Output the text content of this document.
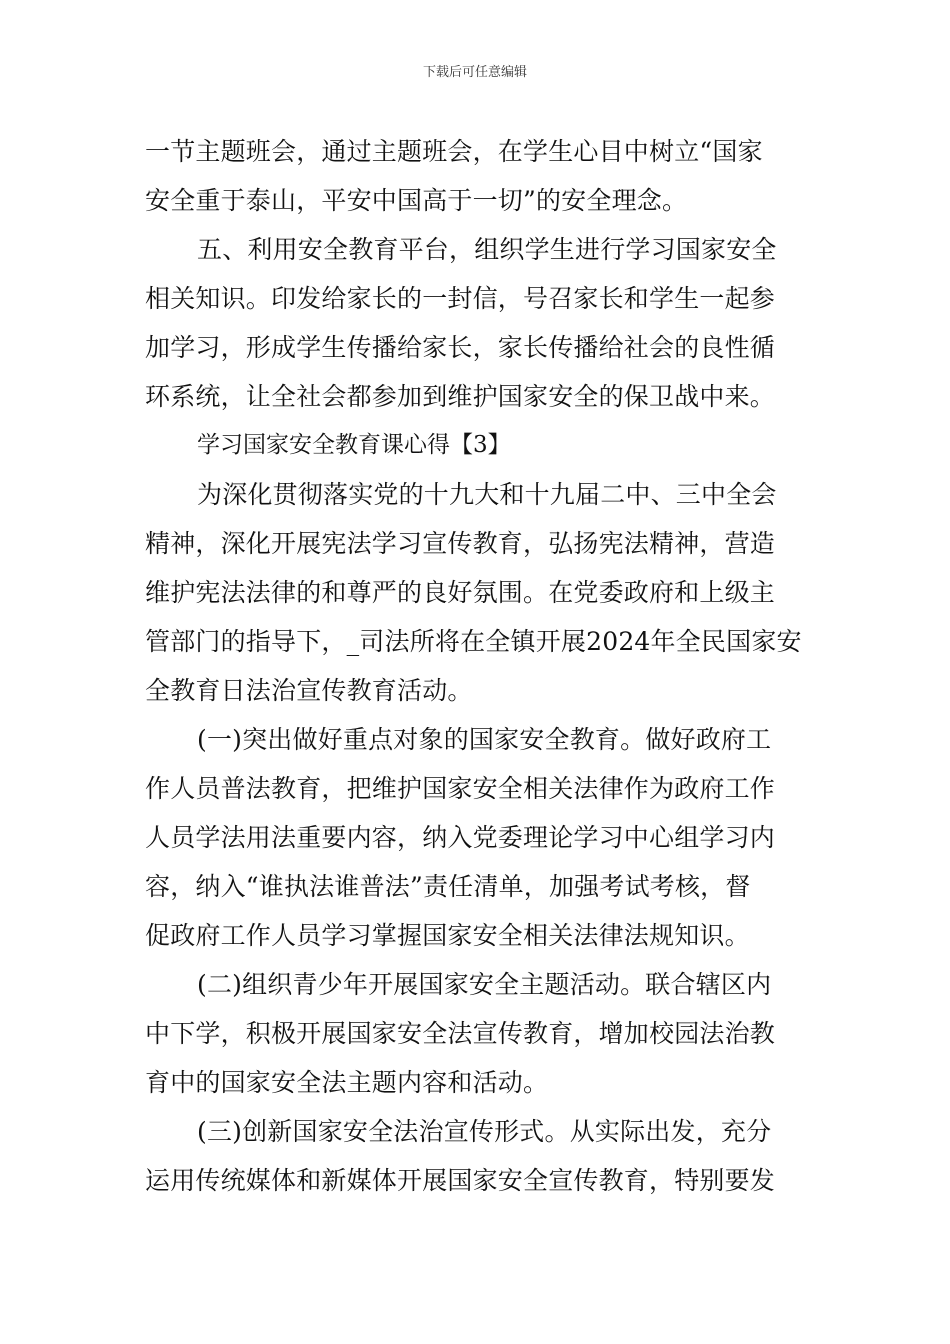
下载后可任意编辑
一节主题班会，通过主题班会，在学生心目中树立“国家
安全重于泰山，平安中国高于一切”的安全理念。
五、利用安全教育平台，组织学生进行学习国家安全
相关知识。印发给家长的一封信，号召家长和学生一起参
加学习，形成学生传播给家长，家长传播给社会的良性循
环系统，让全社会都参加到维护国家安全的保卫战中来。
学习国家安全教育课心得【3】
为深化贯彻落实党的十九大和十九届二中、三中全会
精神，深化开展宪法学习宣传教育，弘扬宪法精神，营造
维护宪法法律的和尊严的良好氛围。在党委政府和上级主
管部门的指导下，_司法所将在全镇开展2024年全民国家安
全教育日法治宣传教育活动。
(一)突出做好重点对象的国家安全教育。做好政府工
作人员普法教育，把维护国家安全相关法律作为政府工作
人员学法用法重要内容，纳入党委理论学习中心组学习内
容，纳入“谁执法谁普法”责任清单，加强考试考核，督
促政府工作人员学习掌握国家安全相关法律法规知识。
(二)组织青少年开展国家安全主题活动。联合辖区内
中下学，积极开展国家安全法宣传教育，增加校园法治教
育中的国家安全法主题内容和活动。
(三)创新国家安全法治宣传形式。从实际出发，充分
运用传统媒体和新媒体开展国家安全宣传教育，特别要发
